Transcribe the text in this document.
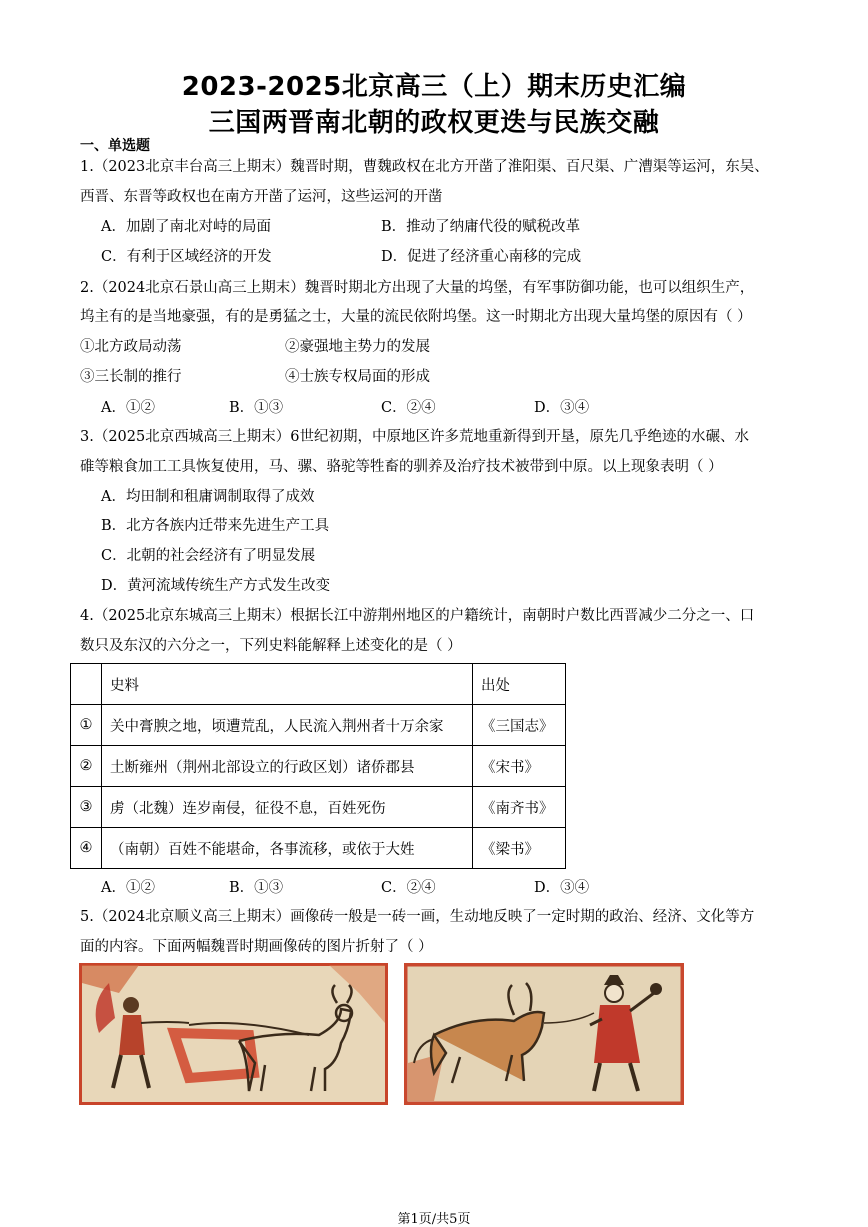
2023-2025北京高三（上）期末历史汇编
三国两晋南北朝的政权更迭与民族交融
一、单选题
1.（2023北京丰台高三上期末）魏晋时期，曹魏政权在北方开凿了淮阳渠、百尺渠、广漕渠等运河，东吴、
西晋、东晋等政权也在南方开凿了运河，这些运河的开凿
A．加剧了南北对峙的局面	B．推动了纳庸代役的赋税改革
C．有利于区域经济的开发	D．促进了经济重心南移的完成
2.（2024北京石景山高三上期末）魏晋时期北方出现了大量的坞堡，有军事防御功能，也可以组织生产，
坞主有的是当地豪强，有的是勇猛之士，大量的流民依附坞堡。这一时期北方出现大量坞堡的原因有（ ）
①北方政局动荡	②豪强地主势力的发展
③三长制的推行	④士族专权局面的形成
A．①②	B．①③	C．②④	D．③④
3.（2025北京西城高三上期末）6世纪初期，中原地区许多荒地重新得到开垦，原先几乎绝迹的水碾、水
碓等粮食加工工具恢复使用，马、骡、骆驼等牲畜的驯养及治疗技术被带到中原。以上现象表明（ ）
A．均田制和租庸调制取得了成效
B．北方各族内迁带来先进生产工具
C．北朝的社会经济有了明显发展
D．黄河流域传统生产方式发生改变
4.（2025北京东城高三上期末）根据长江中游荆州地区的户籍统计，南朝时户数比西晋减少二分之一、口
数只及东汉的六分之一，下列史料能解释上述变化的是（ ）
	史料	出处
①	关中膏腴之地，顷遭荒乱，人民流入荆州者十万余家	《三国志》
②	土断雍州（荆州北部设立的行政区划）诸侨郡县	《宋书》
③	虏（北魏）连岁南侵，征役不息，百姓死伤	《南齐书》
④	（南朝）百姓不能堪命，各事流移，或依于大姓	《梁书》
A．①②	B．①③	C．②④	D．③④
5.（2024北京顺义高三上期末）画像砖一般是一砖一画，生动地反映了一定时期的政治、经济、文化等方
面的内容。下面两幅魏晋时期画像砖的图片折射了（ ）
第1页/共5页
